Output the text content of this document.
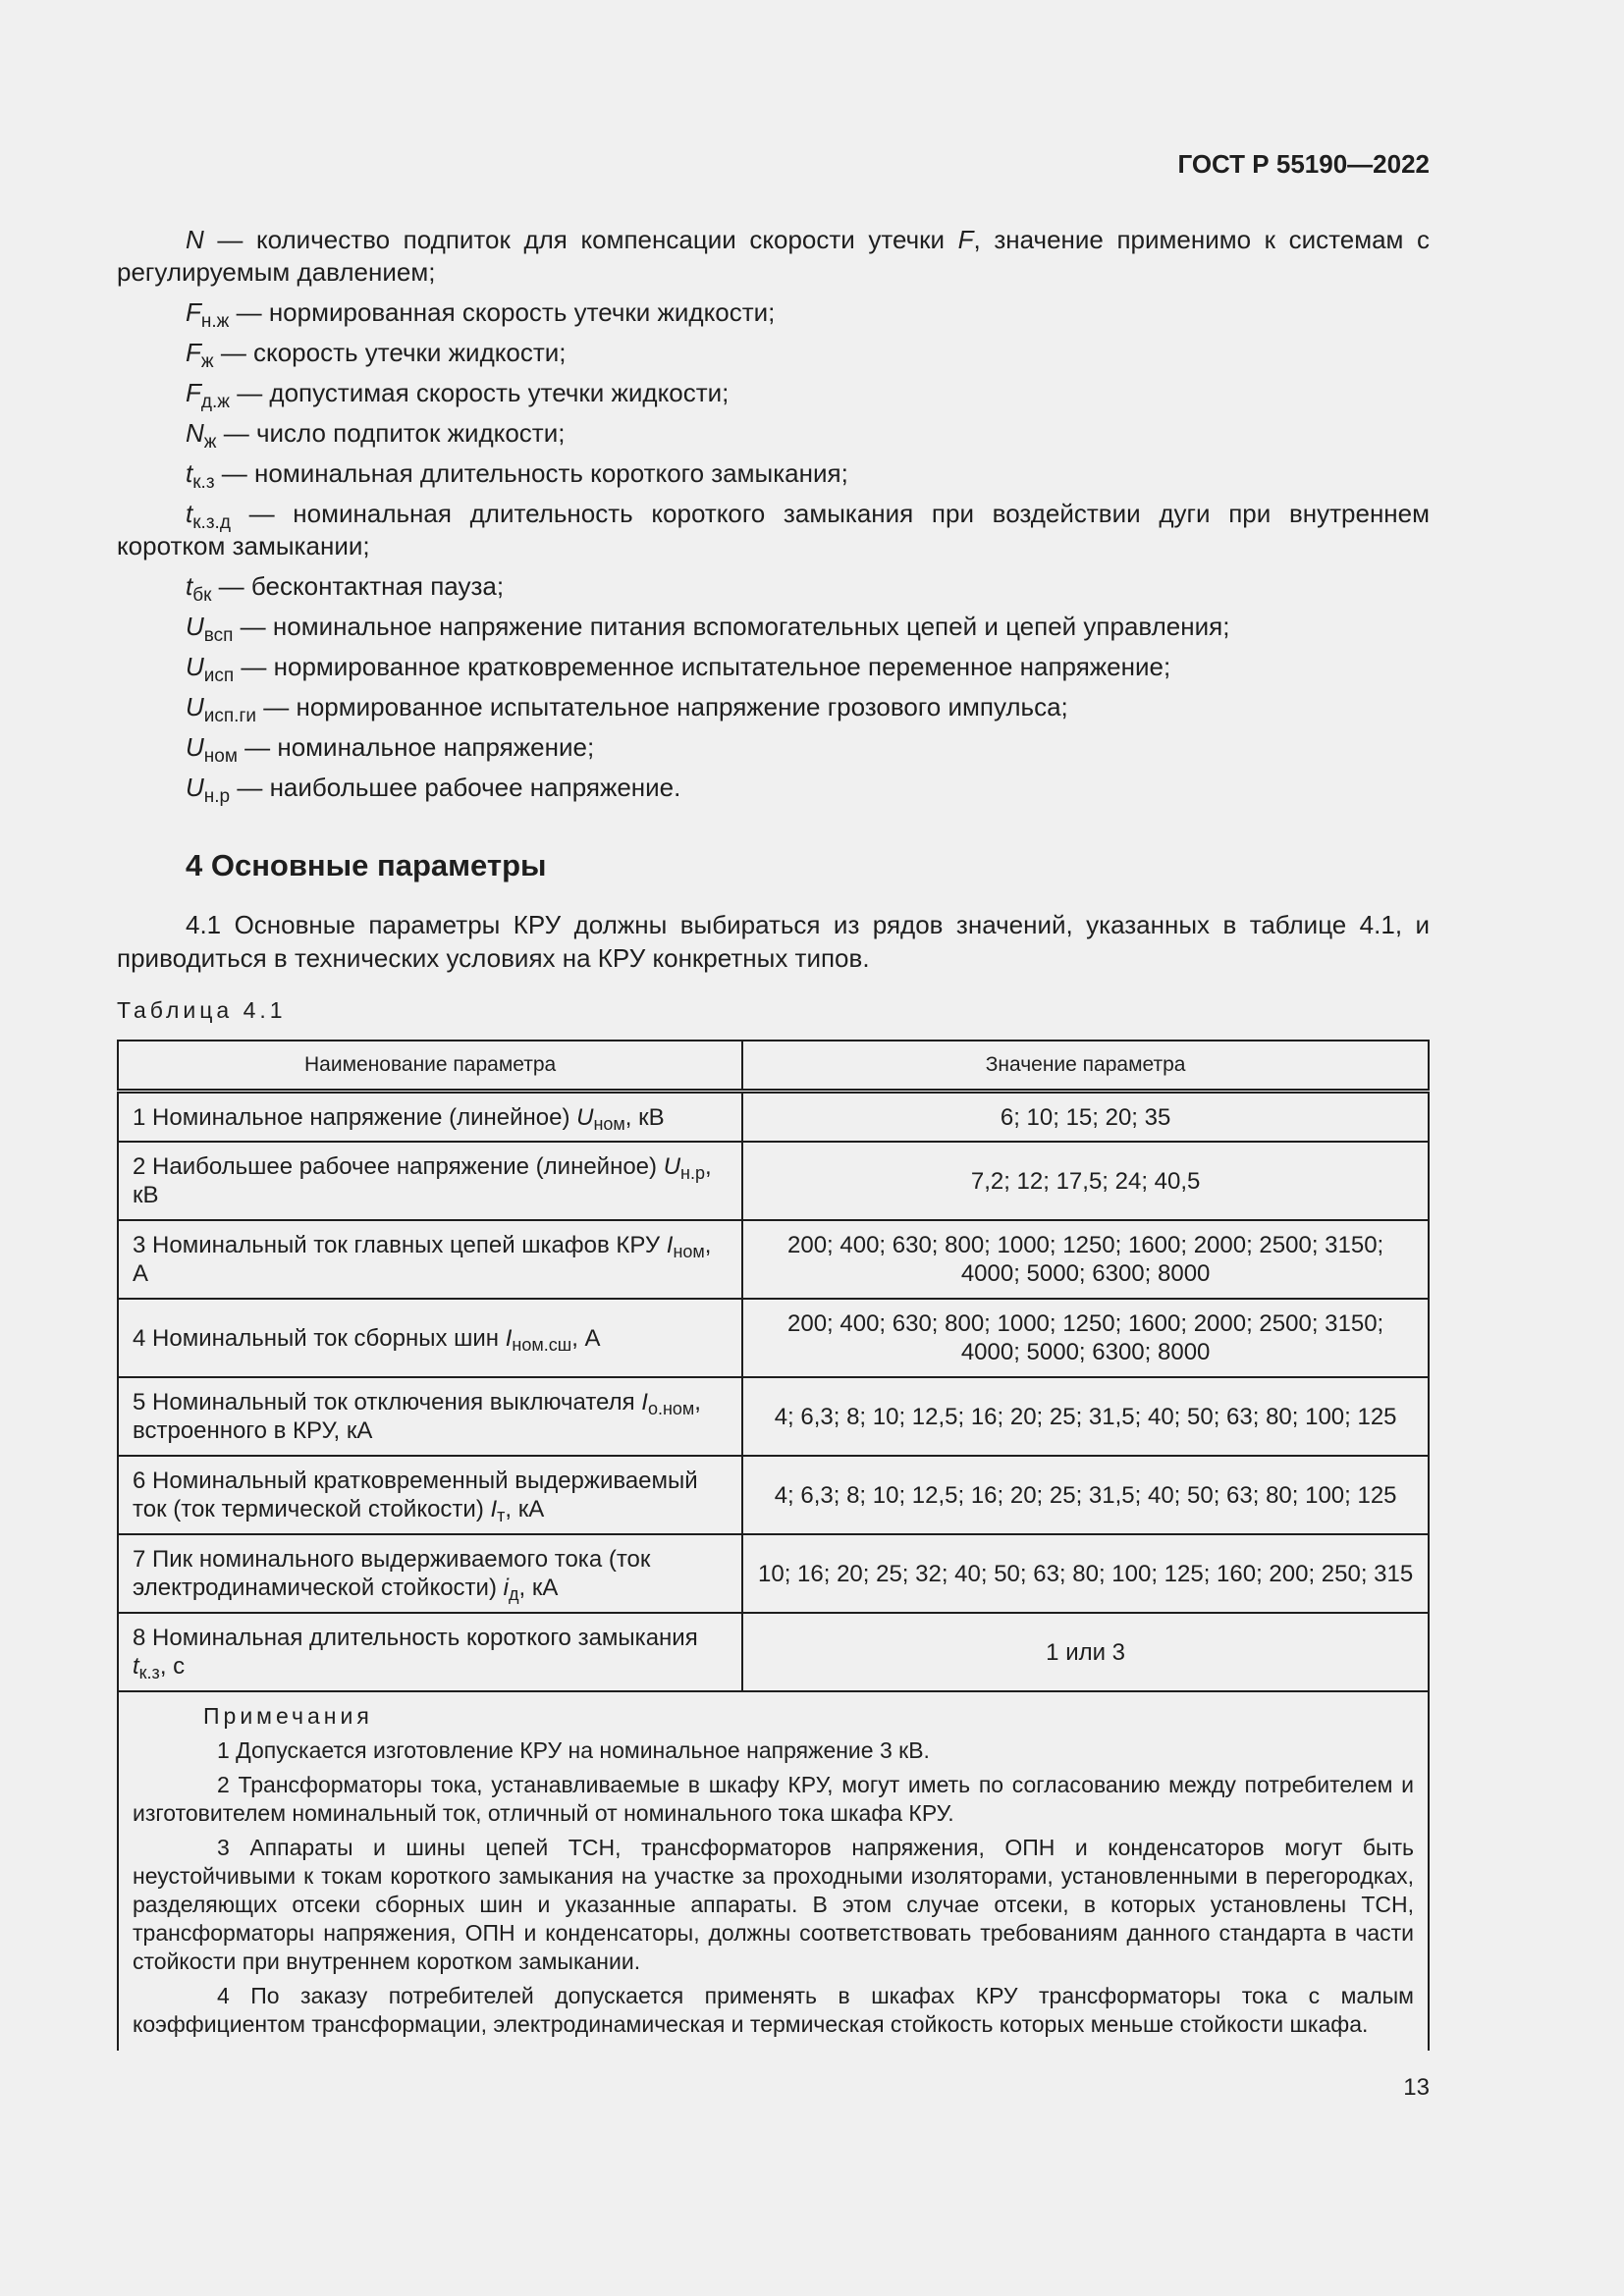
ГОСТ Р 55190—2022

N — количество подпиток для компенсации скорости утечки F, значение применимо к системам с регулируемым давлением;

$F_{н.ж}$ — нормированная скорость утечки жидкости;

$F_ж$ — скорость утечки жидкости;

$F_{д.ж}$ — допустимая скорость утечки жидкости;

$N_ж$ — число подпиток жидкости;

$t_{к.з}$ — номинальная длительность короткого замыкания;

$t_{к.з.д}$ — номинальная длительность короткого замыкания при воздействии дуги при внутреннем коротком замыкании;

$t_{бк}$ — бесконтактная пауза;

$U_{всп}$ — номинальное напряжение питания вспомогательных цепей и цепей управления;

$U_{исп}$ — нормированное кратковременное испытательное переменное напряжение;

$U_{исп.ги}$ — нормированное испытательное напряжение грозового импульса;

$U_{ном}$ — номинальное напряжение;

$U_{н.р}$ — наибольшее рабочее напряжение.

4 Основные параметры
4.1 Основные параметры КРУ должны выбираться из рядов значений, указанных в таблице 4.1, и приводиться в технических условиях на КРУ конкретных типов.
Таблица 4.1
Наименование параметра	Значение параметра
1 Номинальное напряжение (линейное) $U_{ном}$, кВ	6; 10; 15; 20; 35
2 Наибольшее рабочее напряжение (линейное) $U_{н.р}$, кВ	7,2; 12; 17,5; 24; 40,5
3 Номинальный ток главных цепей шкафов КРУ $I_{ном}$, А	200; 400; 630; 800; 1000; 1250; 1600; 2000; 2500; 3150; 4000; 5000; 6300; 8000
4 Номинальный ток сборных шин $I_{ном.сш}$, А	200; 400; 630; 800; 1000; 1250; 1600; 2000; 2500; 3150; 4000; 5000; 6300; 8000
5 Номинальный ток отключения выключателя $I_{о.ном}$, встроенного в КРУ, кА	4; 6,3; 8; 10; 12,5; 16; 20; 25; 31,5; 40; 50; 63; 80; 100; 125
6 Номинальный кратковременный выдерживаемый ток (ток термической стойкости) $I_т$, кА	4; 6,3; 8; 10; 12,5; 16; 20; 25; 31,5; 40; 50; 63; 80; 100; 125
7 Пик номинального выдерживаемого тока (ток электродинамической стойкости) $i_д$, кА	10; 16; 20; 25; 32; 40; 50; 63; 80; 100; 125; 160; 200; 250; 315
8 Номинальная длительность короткого замыкания $t_{к.з}$, с	1 или 3

Примечания

1 Допускается изготовление КРУ на номинальное напряжение 3 кВ.

2 Трансформаторы тока, устанавливаемые в шкафу КРУ, могут иметь по согласованию между потребителем и изготовителем номинальный ток, отличный от номинального тока шкафа КРУ.

3 Аппараты и шины цепей ТСН, трансформаторов напряжения, ОПН и конденсаторов могут быть неустойчивыми к токам короткого замыкания на участке за проходными изоляторами, установленными в перегородках, разделяющих отсеки сборных шин и указанные аппараты. В этом случае отсеки, в которых установлены ТСН, трансформаторы напряжения, ОПН и конденсаторы, должны соответствовать требованиям данного стандарта в части стойкости при внутреннем коротком замыкании.

4 По заказу потребителей допускается применять в шкафах КРУ трансформаторы тока с малым коэффициентом трансформации, электродинамическая и термическая стойкость которых меньше стойкости шкафа.	

13
